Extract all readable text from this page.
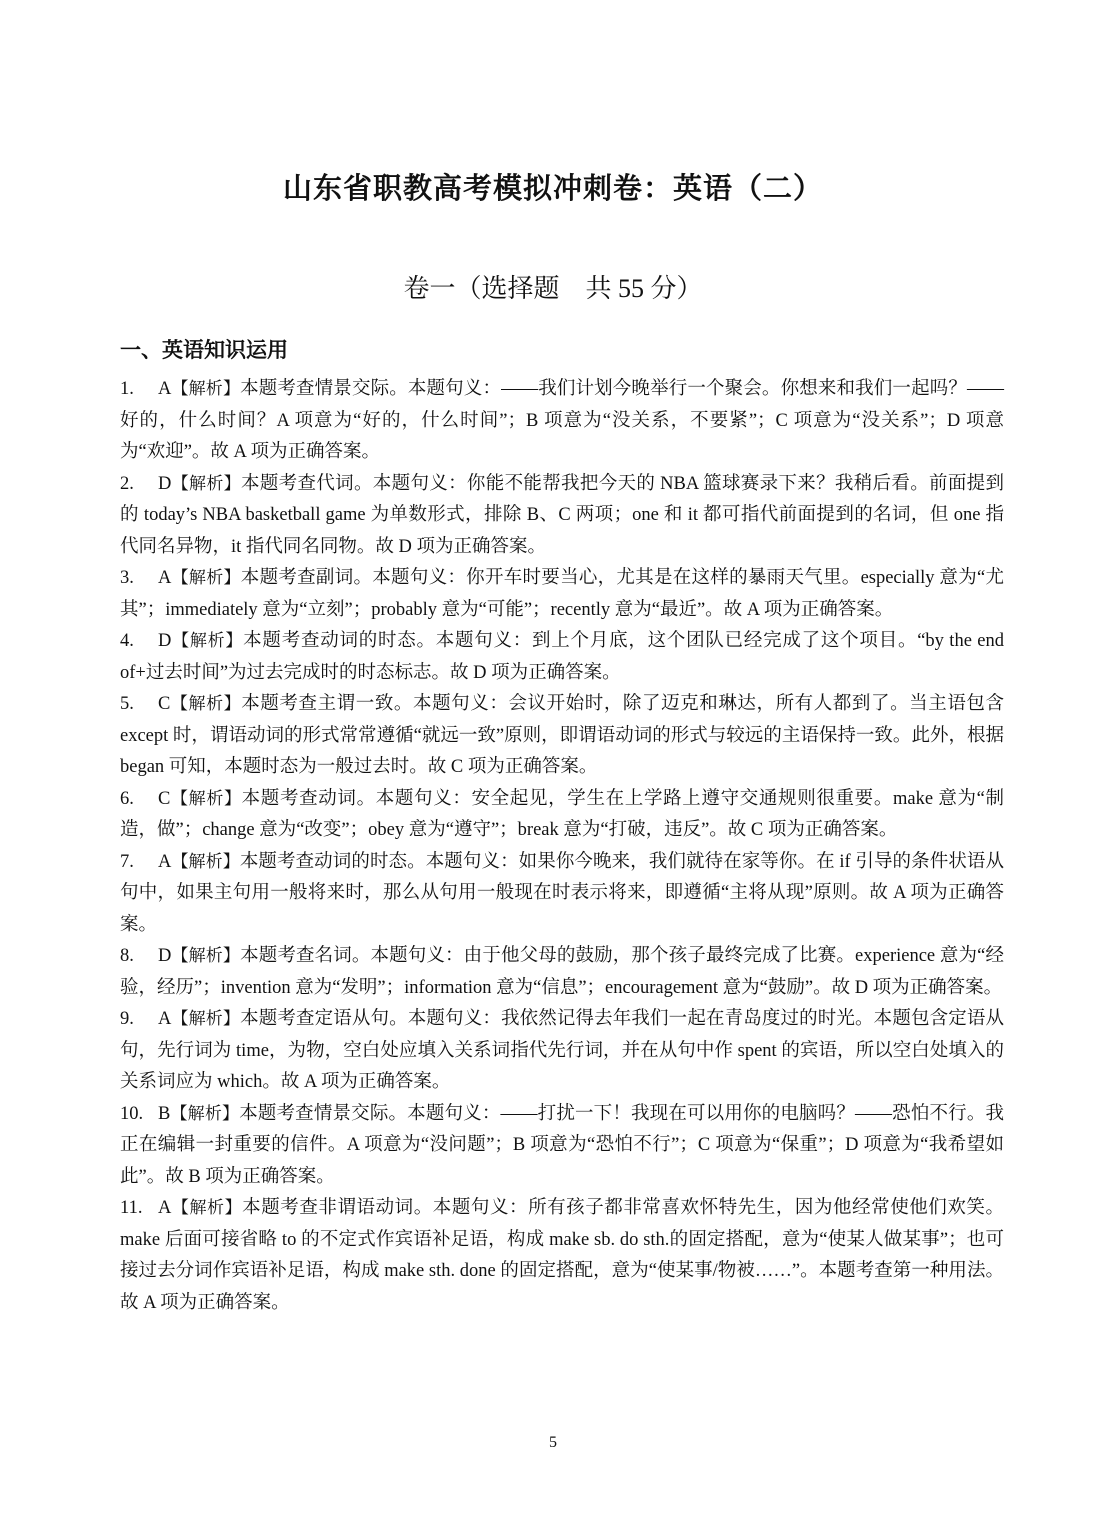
山东省职教高考模拟冲刺卷：英语（二）
卷一（选择题　共 55 分）
一、英语知识运用
1. A【解析】本题考查情景交际。本题句义：——我们计划今晚举行一个聚会。你想来和我们一起吗？——好的，什么时间？A 项意为“好的，什么时间”；B 项意为“没关系，不要紧”；C 项意为“没关系”；D 项意为“欢迎”。故 A 项为正确答案。
2. D【解析】本题考查代词。本题句义：你能不能帮我把今天的 NBA 篮球赛录下来？我稍后看。前面提到的 today’s NBA basketball game 为单数形式，排除 B、C 两项；one 和 it 都可指代前面提到的名词，但 one 指代同名异物，it 指代同名同物。故 D 项为正确答案。
3. A【解析】本题考查副词。本题句义：你开车时要当心，尤其是在这样的暴雨天气里。especially 意为“尤其”；immediately 意为“立刻”；probably 意为“可能”；recently 意为“最近”。故 A 项为正确答案。
4. D【解析】本题考查动词的时态。本题句义：到上个月底，这个团队已经完成了这个项目。“by the end of+过去时间”为过去完成时的时态标志。故 D 项为正确答案。
5. C【解析】本题考查主谓一致。本题句义：会议开始时，除了迈克和琳达，所有人都到了。当主语包含 except 时，谓语动词的形式常常遵循“就远一致”原则，即谓语动词的形式与较远的主语保持一致。此外，根据 began 可知，本题时态为一般过去时。故 C 项为正确答案。
6. C【解析】本题考查动词。本题句义：安全起见，学生在上学路上遵守交通规则很重要。make 意为“制造，做”；change 意为“改变”；obey 意为“遵守”；break 意为“打破，违反”。故 C 项为正确答案。
7. A【解析】本题考查动词的时态。本题句义：如果你今晚来，我们就待在家等你。在 if 引导的条件状语从句中，如果主句用一般将来时，那么从句用一般现在时表示将来，即遵循“主将从现”原则。故 A 项为正确答案。
8. D【解析】本题考查名词。本题句义：由于他父母的鼓励，那个孩子最终完成了比赛。experience 意为“经验，经历”；invention 意为“发明”；information 意为“信息”；encouragement 意为“鼓励”。故 D 项为正确答案。
9. A【解析】本题考查定语从句。本题句义：我依然记得去年我们一起在青岛度过的时光。本题包含定语从句，先行词为 time，为物，空白处应填入关系词指代先行词，并在从句中作 spent 的宾语，所以空白处填入的关系词应为 which。故 A 项为正确答案。
10. B【解析】本题考查情景交际。本题句义：——打扰一下！我现在可以用你的电脑吗？——恐怕不行。我正在编辑一封重要的信件。A 项意为“没问题”；B 项意为“恐怕不行”；C 项意为“保重”；D 项意为“我希望如此”。故 B 项为正确答案。
11. A【解析】本题考查非谓语动词。本题句义：所有孩子都非常喜欢怀特先生，因为他经常使他们欢笑。make 后面可接省略 to 的不定式作宾语补足语，构成 make sb. do sth.的固定搭配，意为“使某人做某事”；也可接过去分词作宾语补足语，构成 make sth. done 的固定搭配，意为“使某事/物被……”。本题考查第一种用法。故 A 项为正确答案。
5
